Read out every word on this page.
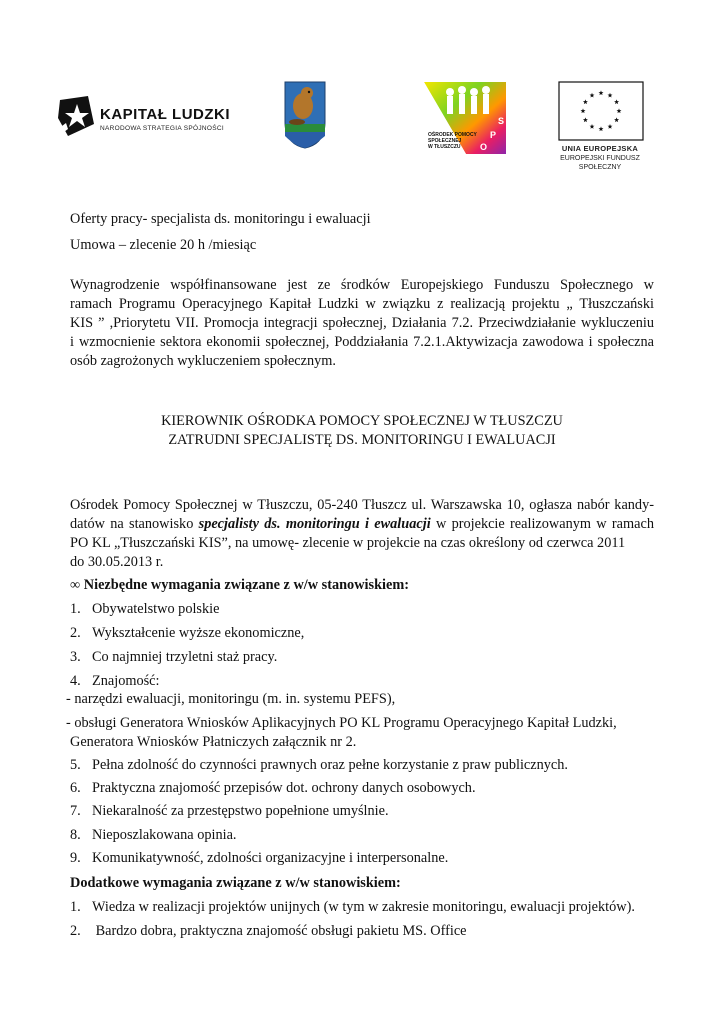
KAPITAŁ LUDZKI
NARODOWA STRATEGIA SPÓJNOŚCI
OŚRODEK POMOCY
SPOŁECZNEJ
W TŁUSZCZU O
P
S
UNIA EUROPEJSKA
EUROPEJSKI FUNDUSZ
SPOŁECZNY
Oferty pracy- specjalista ds. monitoringu i ewaluacji
Umowa – zlecenie 20 h /miesiąc
Wynagrodzenie współfinansowane jest ze środków Europejskiego Funduszu Społecznego w
ramach Programu Operacyjnego Kapitał Ludzki w związku z realizacją projektu „ Tłuszczański
KIS ” ,Priorytetu VII. Promocja integracji społecznej, Działania 7.2. Przeciwdziałanie wykluczeniu
i wzmocnienie sektora ekonomii społecznej, Poddziałania 7.2.1.Aktywizacja zawodowa i społeczna
osób zagrożonych wykluczeniem społecznym.
KIEROWNIK OŚRODKA POMOCY SPOŁECZNEJ W TŁUSZCZU
ZATRUDNI SPECJALISTĘ DS. MONITORINGU I EWALUACJI
Ośrodek Pomocy Społecznej w Tłuszczu, 05-240 Tłuszcz ul. Warszawska 10, ogłasza nabór kandy-
datów na stanowisko specjalisty ds. monitoringu i ewaluacji w projekcie realizowanym w ramach
PO KL „Tłuszczański KIS”, na umowę- zlecenie w projekcie na czas określony od czerwca 2011
do 30.05.2013 r.
∞ Niezbędne wymagania związane z w/w stanowiskiem:
1. Obywatelstwo polskie
2. Wykształcenie wyższe ekonomiczne,
3. Co najmniej trzyletni staż pracy.
4. Znajomość:
- narzędzi ewaluacji, monitoringu (m. in. systemu PEFS),
- obsługi Generatora Wniosków Aplikacyjnych PO KL Programu Operacyjnego Kapitał Ludzki,
Generatora Wniosków Płatniczych załącznik nr 2.
5. Pełna zdolność do czynności prawnych oraz pełne korzystanie z praw publicznych.
6. Praktyczna znajomość przepisów dot. ochrony danych osobowych.
7. Niekaralność za przestępstwo popełnione umyślnie.
8. Nieposzlakowana opinia.
9. Komunikatywność, zdolności organizacyjne i interpersonalne.
Dodatkowe wymagania związane z w/w stanowiskiem:
1. Wiedza w realizacji projektów unijnych (w tym w zakresie monitoringu, ewaluacji projektów).
2. Bardzo dobra, praktyczna znajomość obsługi pakietu MS. Office
